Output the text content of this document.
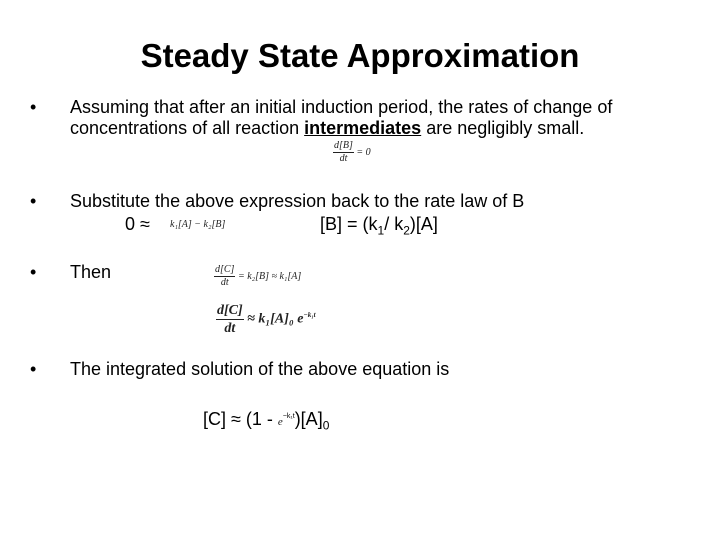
Steady State Approximation
• Assuming that after an initial induction period, the rates of change of
concentrations of all reaction intermediates are negligibly small.
$\frac{d[B]}{dt} = 0$
• Substitute the above expression back to the rate law of B
0 ≈ k₁[A] − k₂[B]	$[B] = (k_1/$ $k_2)[A]$
• Then	$\frac{d[C]}{dt} = k_2[B] \approx k_1[A]$
$\frac{d[C]}{dt} \approx k_1[A]_0$ $e^{-k_1t}$
• The integrated solution of the above equation is
$[C] \approx (1 - e^{-k_1t})[A]_0$
